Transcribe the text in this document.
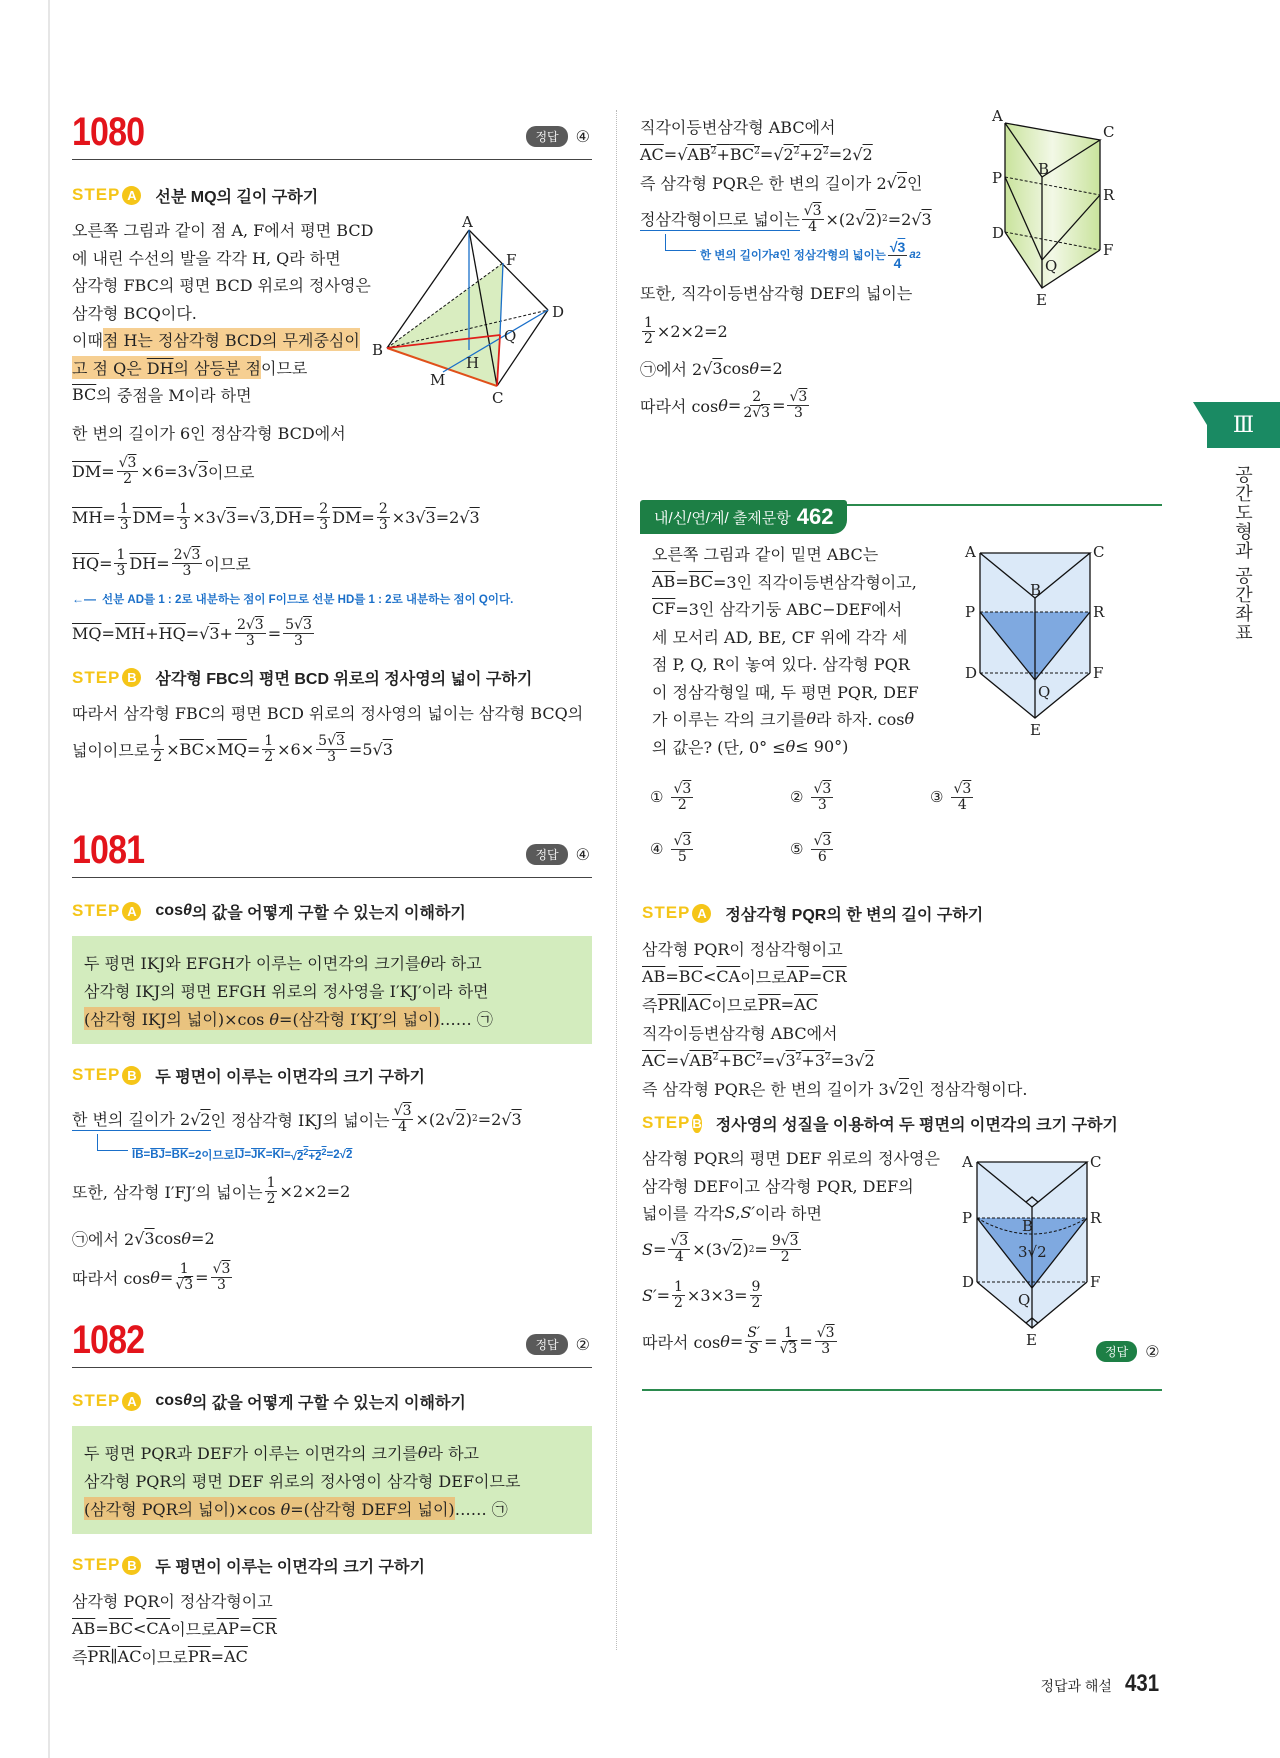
1080	정답	④
STEP A	선분 MQ의 길이 구하기
오른쪽 그림과 같이 점 A, F에서 평면 BCD
에 내린 수선의 발을 각각 H, Q라 하면
삼각형 FBC의 평면 BCD 위로의 정사영은
삼각형 BCQ이다.
이때 점 H는 정삼각형 BCD의 무게중심이
고 점 Q은 $\overline{DH}$의 삼등분 점 이므로
$\overline{BC}$ 의 중점을 M이라 하면
한 변의 길이가 6인 정삼각형 BCD에서
$\overline{DM}$ = √ $\frac{3}{2} \times 6=3$ √ 3 이므로
$\overline{MH} = \frac{1}{3} \overline{DM} = \frac{1}{3} \times 3$ √ 3 = √ 3 , $\overline{DH} = \frac{2}{3} \overline{DM} = \frac{2}{3} \times 3$ √ 3 =2 √ 3
$\overline{HQ} = \frac{1}{3} \overline{DH} = \frac{2 √ 3}{3}$ 이므로
←— 선분 AD를 1 : 2로 내분하는 점이 F이므로 선분 HD를 1 : 2로 내분하는 점이 Q이다.
$\overline{MQ} = \overline{MH} + \overline{HQ}$ = √ $3 + \frac{2 √ 3}{3} = \frac{5 √ 3}{3}$
STEP B	삼각형 FBC의 평면 BCD 위로의 정사영의 넓이 구하기
따라서 삼각형 FBC의 평면 BCD 위로의 정사영의 넓이는 삼각형 BCQ의
넓이이므로 $\frac{1}{2} \times \overline{BC} \times \overline{MQ} = \frac{1}{2} \times 6\times \frac{5 √ 3}{3} =5$ √ 3
A
F
D
B
Q
H
M
C
1081	정답	④
STEP A	cos θ 의 값을 어떻게 구할 수 있는지 이해하기
두 평면 IKJ와 EFGH가 이루는 이면각의 크기를 θ 라 하고
삼각형 IKJ의 평면 EFGH 위로의 정사영을 I′KJ′이라 하면
(삼각형 IKJ의 넓이)×cos θ=(삼각형 I′KJ′의 넓이) …… ㉠
STEP B	두 평면이 이루는 이면각의 크기 구하기
한 변의 길이가 2 √ 2 인 정삼각형 IKJ의 넓이는 √ $\frac{3}{4} \times(2$ √ 2 ) 2 =2 √ 3
$\overline{IB} = \overline{BJ} = \overline{BK} =2$이므로 $\overline{IJ} = \overline{JK} = \overline{KI}$ = √ $2^2+2^2 =2$ √ 2
또한, 삼각형 I′FJ′의 넓이는 $\frac{1}{2} \times 2\times 2=2$
㉠에서 2 √ 3 cos θ =2
따라서 cos θ = 1
√ 3 = √ $\frac{3}{3}$
1082	정답	②
STEP A	cos θ 의 값을 어떻게 구할 수 있는지 이해하기
두 평면 PQR과 DEF가 이루는 이면각의 크기를 θ 라 하고
삼각형 PQR의 평면 DEF 위로의 정사영이 삼각형 DEF이므로
(삼각형 PQR의 넓이)×cos θ=(삼각형 DEF의 넓이) …… ㉠
STEP B	두 평면이 이루는 이면각의 크기 구하기
삼각형 PQR이 정삼각형이고
$\overline{AB} = \overline{BC} < \overline{CA}$ 이므로 $\overline{AP} = \overline{CR}$
즉 $\overline{PR}$ ∥ $\overline{AC}$ 이므로 $\overline{PR} = \overline{AC}$
직각이등변삼각형 ABC에서
$\overline{AC}$ = √ $AB^2+BC^2$ = √ $2^2+2^2 =2$ √ 2
즉 삼각형 PQR은 한 변의 길이가 2 √ 2 인
정삼각형이므로 넓이는 √ $\frac{3}{4} \times(2$ √ 2 ) 2 =2 √ 3
한 변의 길이가 a 인 정삼각형의 넓이는 √ $\frac{3}{4}$ a 2
또한, 직각이등변삼각형 DEF의 넓이는
$\frac{1}{2} \times 2\times 2=2$
㉠에서 2 √ 3 cos θ =2
따라서 $\cos \theta = \frac{2}{2 √ 3}$ = √ $\frac{3}{3}$
A
C
B
P
R
D
F
Q
E
내/신/연/계/ 출제문항 462
오른쪽 그림과 같이 밑면 ABC는
$\overline{AB} = \overline{BC} =3$인 직각이등변삼각형이고,
$\overline{CF} =3$인 삼각기둥 ABC−DEF에서
세 모서리 AD, BE, CF 위에 각각 세
점 P, Q, R이 놓여 있다. 삼각형 PQR
이 정삼각형일 때, 두 평면 PQR, DEF
가 이루는 각의 크기를 θ 라 하자. cos θ
의 값은? (단, 0° ≤ θ ≤ 90°)
① √ $\frac{3}{2}$	② √ $\frac{3}{3}$	③ √ $\frac{3}{4}$
④ √ $\frac{3}{5}$	⑤ √ $\frac{3}{6}$
A	C
B
P	R
D	F
Q
E
STEP A	정삼각형 PQR의 한 변의 길이 구하기
삼각형 PQR이 정삼각형이고
$\overline{AB} = \overline{BC} < \overline{CA}$ 이므로 $\overline{AP} = \overline{CR}$
즉 $\overline{PR}$ ∥ $\overline{AC}$ 이므로 $\overline{PR} = \overline{AC}$
직각이등변삼각형 ABC에서
$\overline{AC}$ = √ $AB^2+BC^2$ = √ $3^2+3^2 =3$ √ 2
즉 삼각형 PQR은 한 변의 길이가 3 √ 2 인 정삼각형이다.
STEP B 정사영의 성질을 이용하여 두 평면의 이면각의 크기 구하기
삼각형 PQR의 평면 DEF 위로의 정사영은
삼각형 DEF이고 삼각형 PQR, DEF의
넓이를 각각 S , S′ 이라 하면
S = √ $\frac{3}{4} \times(3$ √ 2 ) $2 = \frac{9 √ 3}{2}$
$S' = \frac{1}{2} \times 3\times 3= \frac{9}{2}$
따라서 $\cos \theta = \frac{S'}{S} = 1$
√ 3 = √ $\frac{3}{3}$
A	C
B
P	R
D	F
Q
E
3√2
정답	②
Ⅲ
공간도형과 공간좌표
정답과 해설 431
